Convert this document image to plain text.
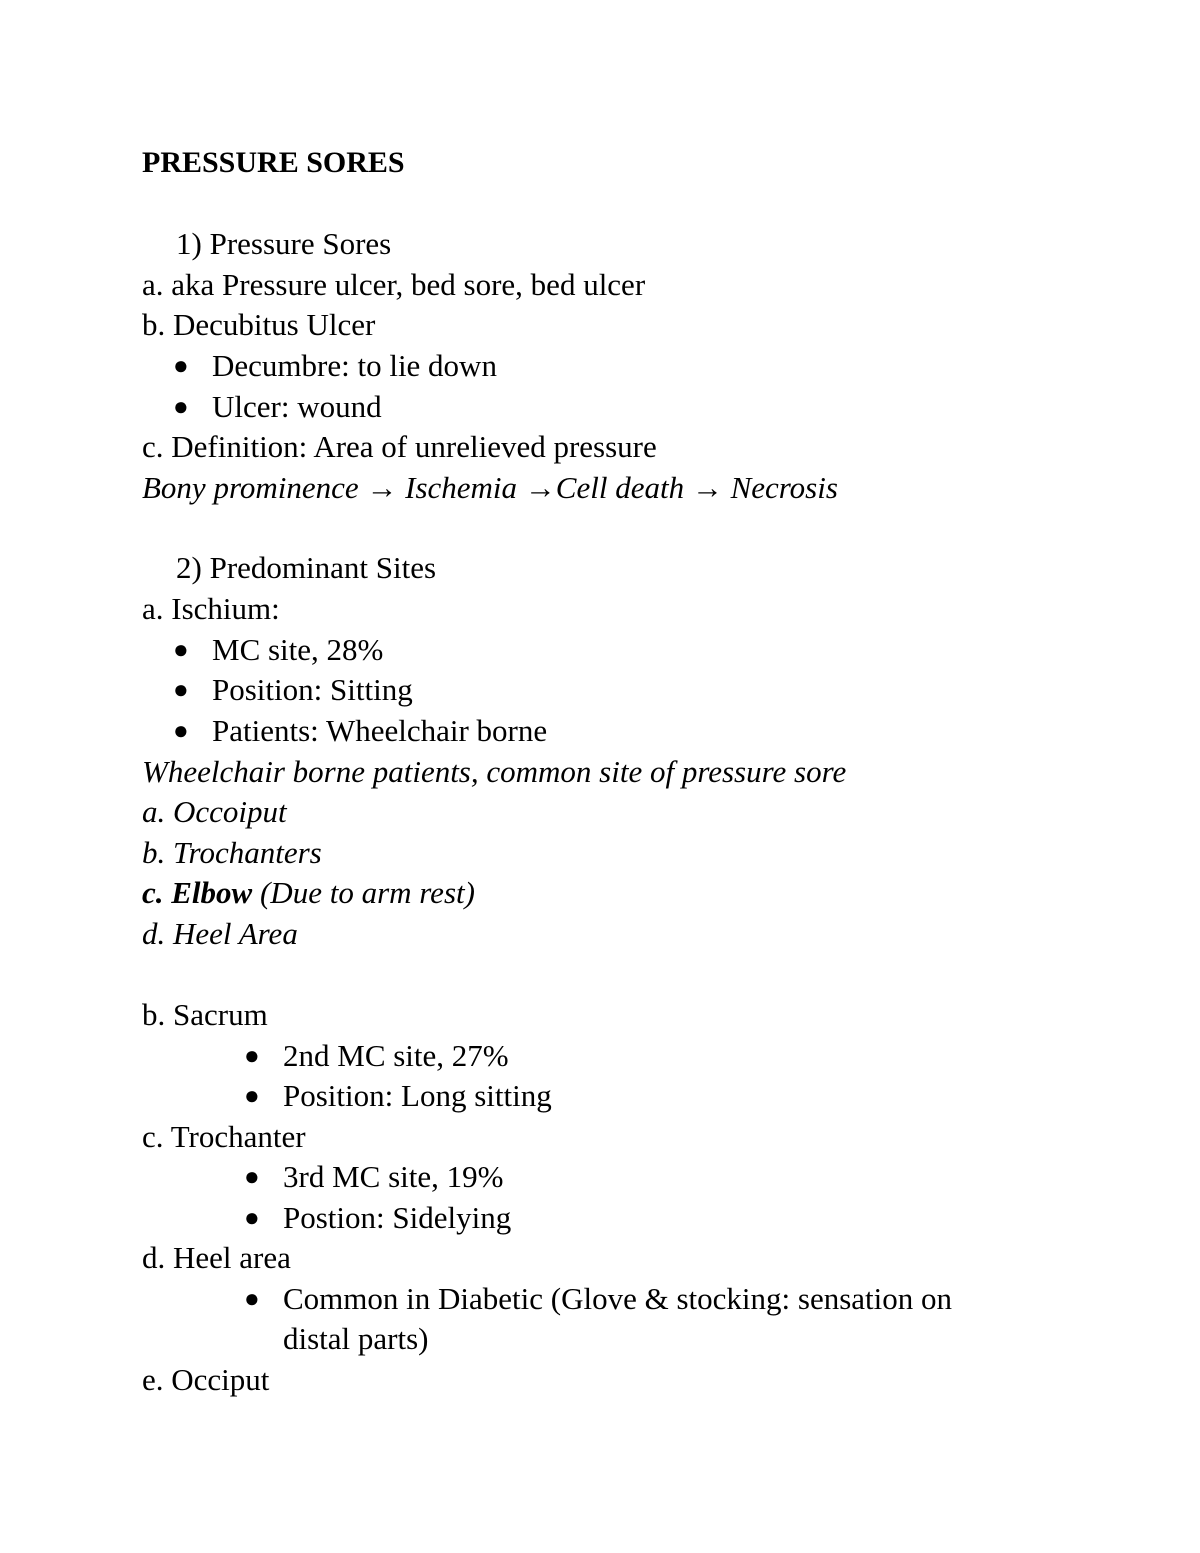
PRESSURE SORES
1) Pressure Sores
a. aka Pressure ulcer, bed sore, bed ulcer
b. Decubitus Ulcer
● Decumbre: to lie down
● Ulcer: wound
c. Definition: Area of unrelieved pressure
Bony prominence → Ischemia →Cell death → Necrosis
2) Predominant Sites
a. Ischium:
● MC site, 28%
● Position: Sitting
● Patients: Wheelchair borne
Wheelchair borne patients, common site of pressure sore
a. Occoiput
b. Trochanters
c. Elbow (Due to arm rest)
d. Heel Area
b. Sacrum
● 2nd MC site, 27%
● Position: Long sitting
c. Trochanter
● 3rd MC site, 19%
● Postion: Sidelying
d. Heel area
● Common in Diabetic (Glove & stocking: sensation on
distal parts)
e. Occiput
